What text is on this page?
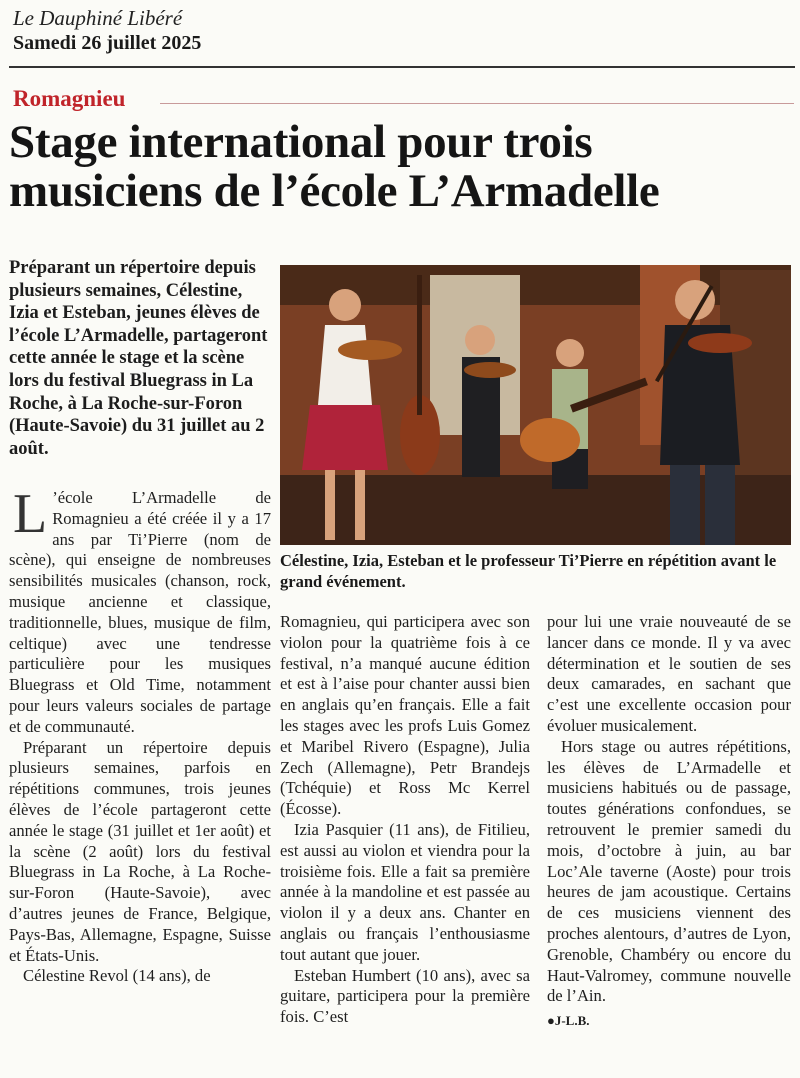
Le Dauphiné Libéré
Samedi 26 juillet 2025
Romagnieu
Stage international pour trois musiciens de l’école L’Armadelle
Préparant un répertoire depuis plusieurs semaines, Célestine, Izia et Esteban, jeunes élèves de l’école L’Armadelle, partageront cette année le stage et la scène lors du festival Bluegrass in La Roche, à La Roche-sur-Foron (Haute-Savoie) du 31 juillet au 2 août.
Célestine, Izia, Esteban et le professeur Ti’Pierre en répétition avant le grand événement.

L ’école L’Armadelle de Romagnieu a été créée il y a 17 ans par Ti’Pierre (nom de scène), qui enseigne de nombreuses sensibilités musicales (chanson, rock, musique ancienne et classique, traditionnelle, blues, musique de film, celtique) avec une tendresse particulière pour les musiques Bluegrass et Old Time, notamment pour leurs valeurs sociales de partage et de communauté.

Préparant un répertoire depuis plusieurs semaines, parfois en répétitions communes, trois jeunes élèves de l’école partageront cette année le stage (31 juillet et 1er août) et la scène (2 août) lors du festival Bluegrass in La Roche, à La Roche-sur-Foron (Haute-Savoie), avec d’autres jeunes de France, Belgique, Pays-Bas, Allemagne, Espagne, Suisse et États-Unis.

Célestine Revol (14 ans), de

Romagnieu, qui participera avec son violon pour la quatrième fois à ce festival, n’a manqué aucune édition et est à l’aise pour chanter aussi bien en anglais qu’en français. Elle a fait les stages avec les profs Luis Gomez et Maribel Rivero (Espagne), Julia Zech (Allemagne), Petr Brandejs (Tchéquie) et Ross Mc Kerrel (Écosse).

Izia Pasquier (11 ans), de Fitilieu, est aussi au violon et viendra pour la troisième fois. Elle a fait sa première année à la mandoline et est passée au violon il y a deux ans. Chanter en anglais ou français l’enthousiasme tout autant que jouer.

Esteban Humbert (10 ans), avec sa guitare, participera pour la première fois. C’est

pour lui une vraie nouveauté de se lancer dans ce monde. Il y va avec détermination et le soutien de ses deux camarades, en sachant que c’est une excellente occasion pour évoluer musicalement.

Hors stage ou autres répétitions, les élèves de L’Armadelle et musiciens habitués ou de passage, toutes générations confondues, se retrouvent le premier samedi du mois, d’octobre à juin, au bar Loc’Ale taverne (Aoste) pour trois heures de jam acoustique. Certains de ces musiciens viennent des proches alentours, d’autres de Lyon, Grenoble, Chambéry ou encore du Haut-Valromey, commune nouvelle de l’Ain.

●J-L.B.
